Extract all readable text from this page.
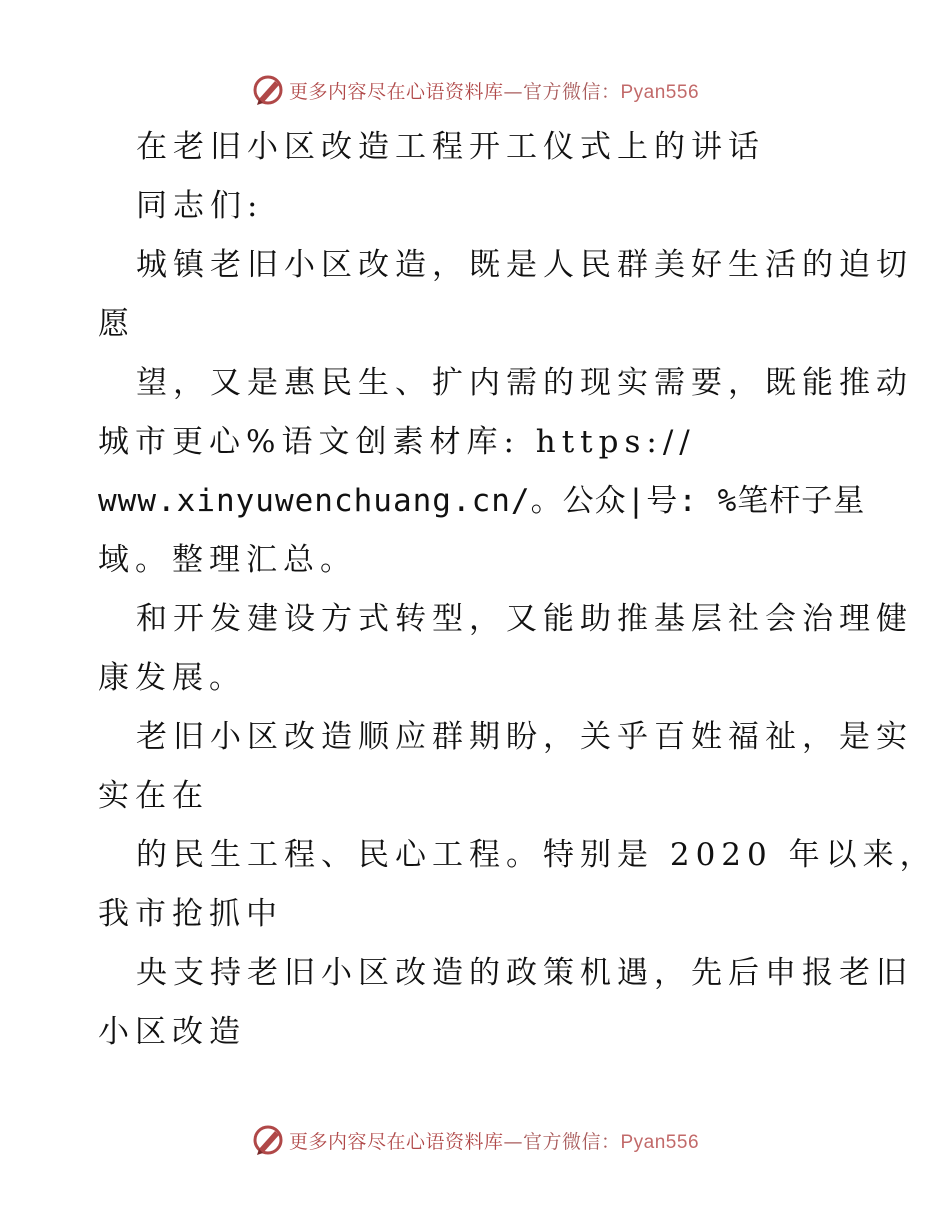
更多内容尽在心语资料库—官方微信：Pyan556
在老旧小区改造工程开工仪式上的讲话
同志们:
城镇老旧小区改造，既是人民群美好生活的迫切
愿
望，又是惠民生、扩内需的现实需要，既能推动
城市更心%语文创素材库: https://
www.xinyuwenchuang.cn/。公众|号: %笔杆子星
域。整理汇总。
和开发建设方式转型，又能助推基层社会治理健
康发展。
老旧小区改造顺应群期盼，关乎百姓福祉，是实
实在在
的民生工程、民心工程。特别是 2020 年以来，
我市抢抓中
央支持老旧小区改造的政策机遇，先后申报老旧
小区改造
更多内容尽在心语资料库—官方微信：Pyan556
